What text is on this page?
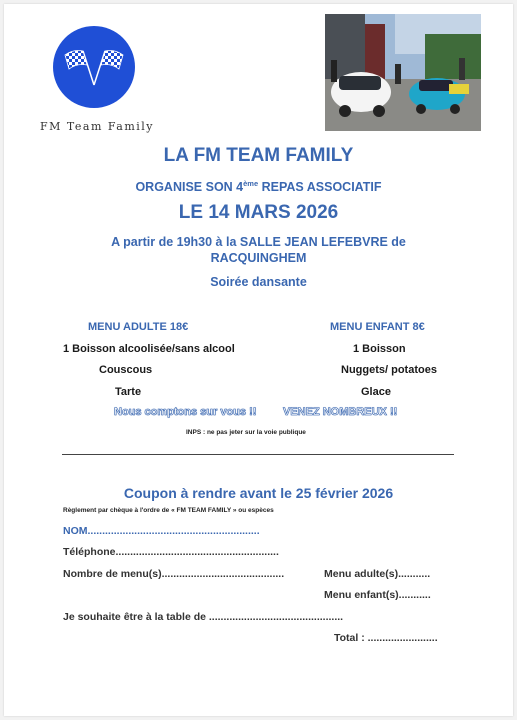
FM Team Family
LA FM TEAM FAMILY
ORGANISE SON 4ème REPAS ASSOCIATIF
LE 14 MARS 2026
A partir de 19h30 à la SALLE JEAN LEFEBVRE de
RACQUINGHEM
Soirée dansante
MENU ADULTE 18€	MENU ENFANT 8€
1 Boisson alcoolisée/sans alcool	1 Boisson
Couscous	Nuggets/ potatoes
Tarte	Glace
Nous comptons sur vous !! VENEZ NOMBREUX !!
INPS : ne pas jeter sur la voie publique
Coupon à rendre avant le 25 février 2026
Règlement par chèque à l'ordre de « FM TEAM FAMILY » ou espèces
NOM...........................................................
Téléphone........................................................
Nombre de menu(s)..........................................	Menu adulte(s)...........
Menu enfant(s)...........
Je souhaite être à la table de ..............................................
Total : ........................
